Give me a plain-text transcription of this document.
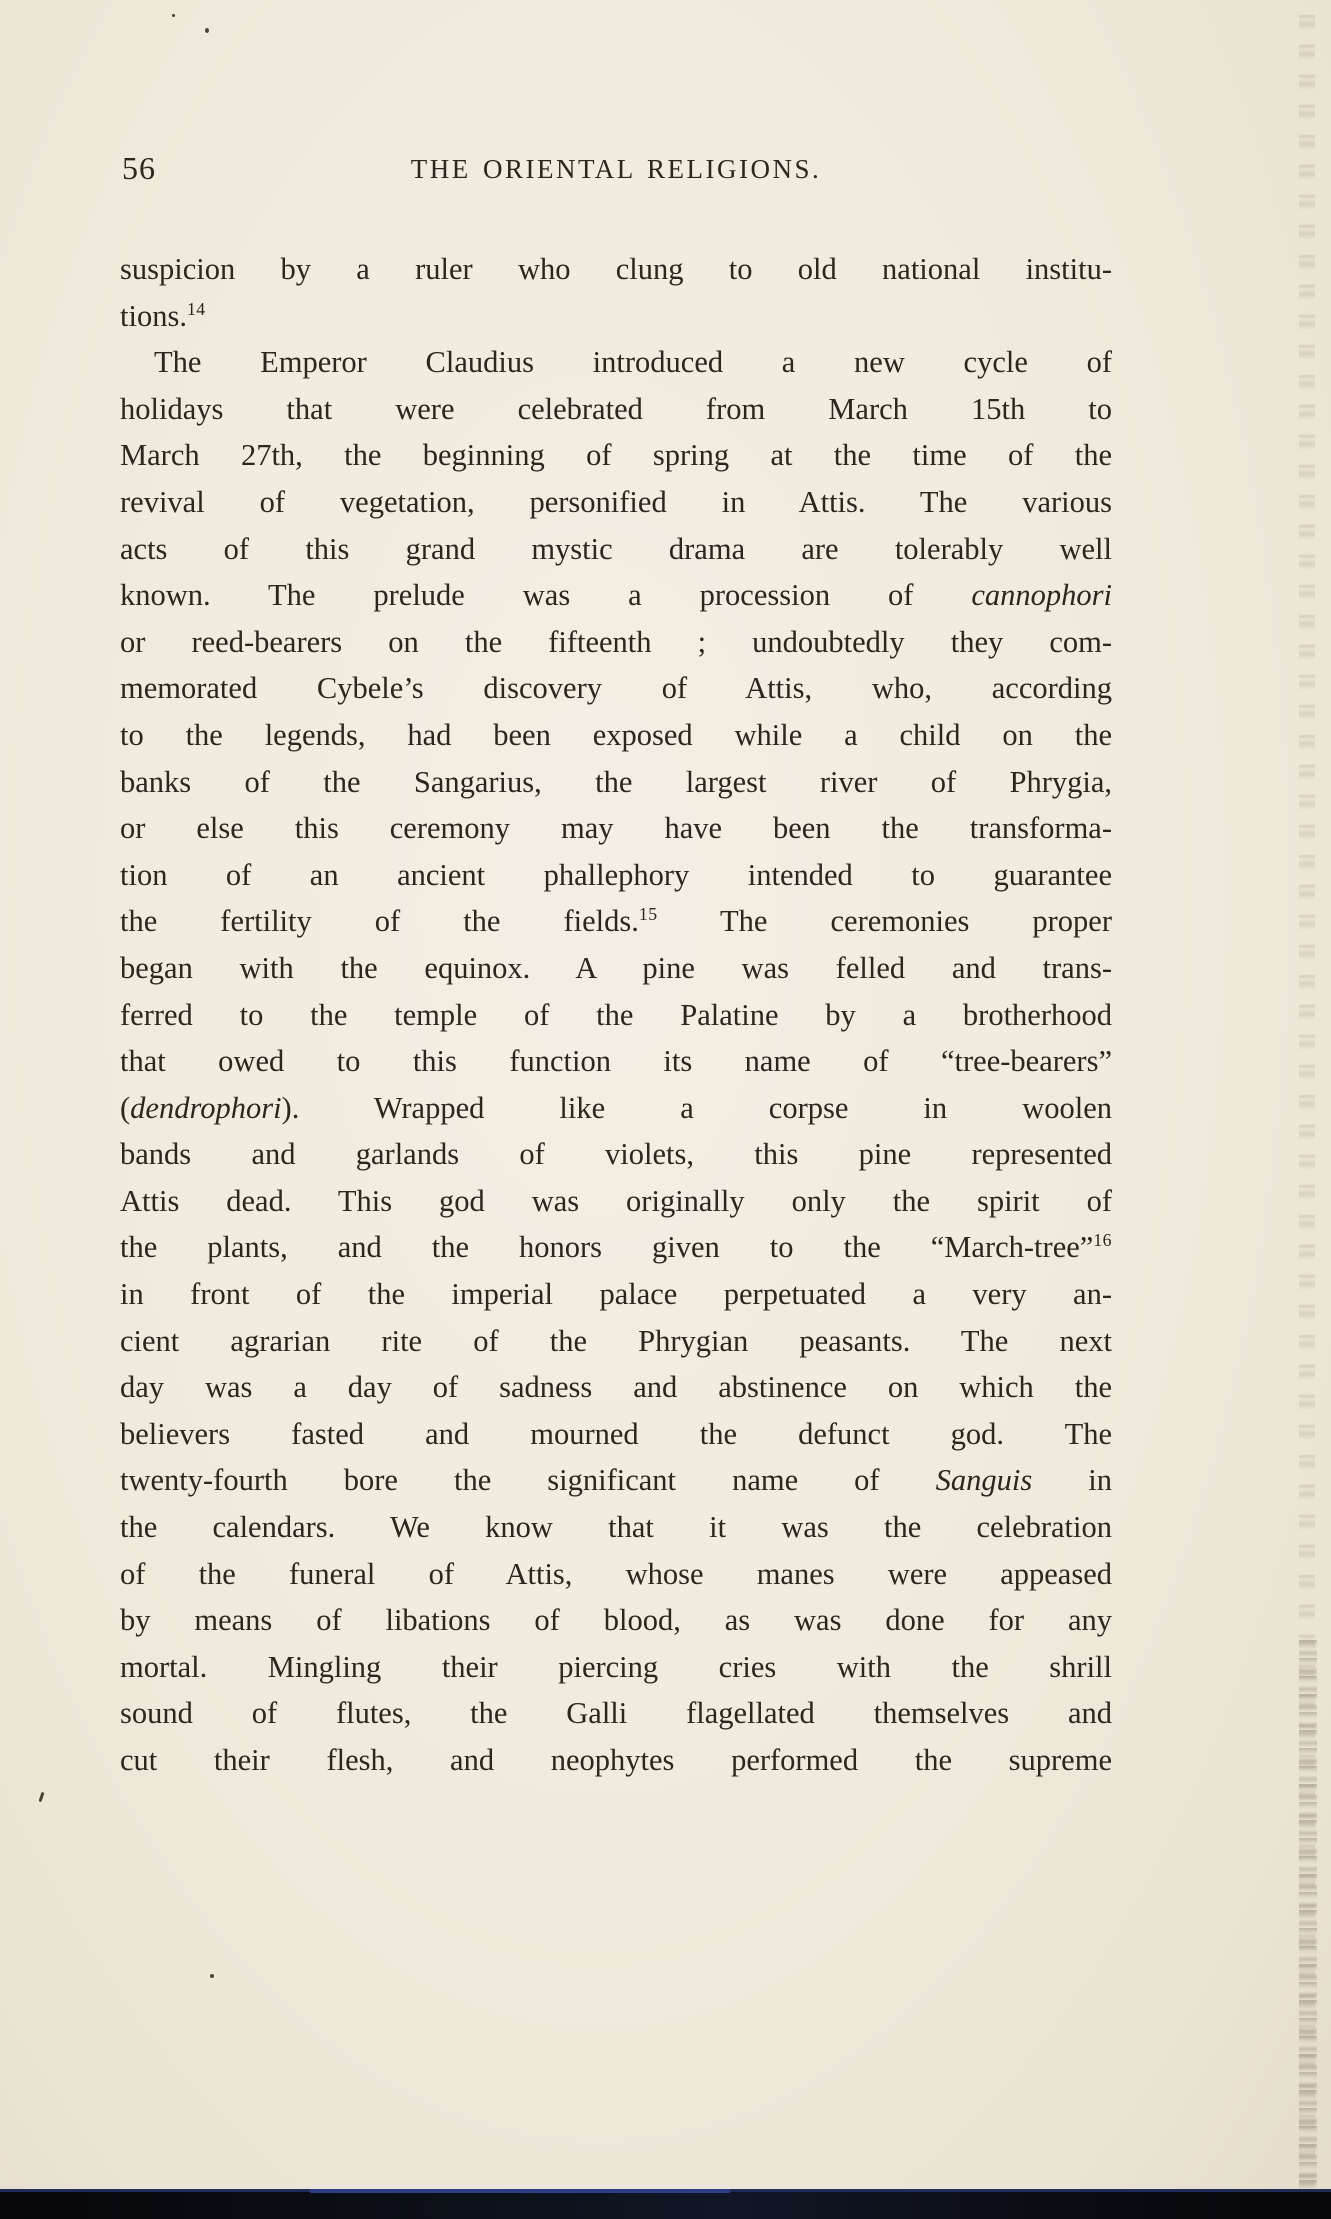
56	THE ORIENTAL RELIGIONS.
suspicion by a ruler who clung to old national institu-
tions.$^{14}$
The Emperor Claudius introduced a new cycle of
holidays that were celebrated from March 15th to
March 27th, the beginning of spring at the time of the
revival of vegetation, personified in Attis. The various
acts of this grand mystic drama are tolerably well
known. The prelude was a procession of cannophori
or reed-bearers on the fifteenth ; undoubtedly they com-
memorated Cybele’s discovery of Attis, who, according
to the legends, had been exposed while a child on the
banks of the Sangarius, the largest river of Phrygia,
or else this ceremony may have been the transforma-
tion of an ancient phallephory intended to guarantee
the fertility of the fields.$^{15}$ The ceremonies proper
began with the equinox. A pine was felled and trans-
ferred to the temple of the Palatine by a brotherhood
that owed to this function its name of “tree-bearers”
(dendrophori). Wrapped like a corpse in woolen
bands and garlands of violets, this pine represented
Attis dead. This god was originally only the spirit of
the plants, and the honors given to the “March-tree”$^{16}$
in front of the imperial palace perpetuated a very an-
cient agrarian rite of the Phrygian peasants. The next
day was a day of sadness and abstinence on which the
believers fasted and mourned the defunct god. The
twenty-fourth bore the significant name of Sanguis in
the calendars. We know that it was the celebration
of the funeral of Attis, whose manes were appeased
by means of libations of blood, as was done for any
mortal. Mingling their piercing cries with the shrill
sound of flutes, the Galli flagellated themselves and
cut their flesh, and neophytes performed the supreme
